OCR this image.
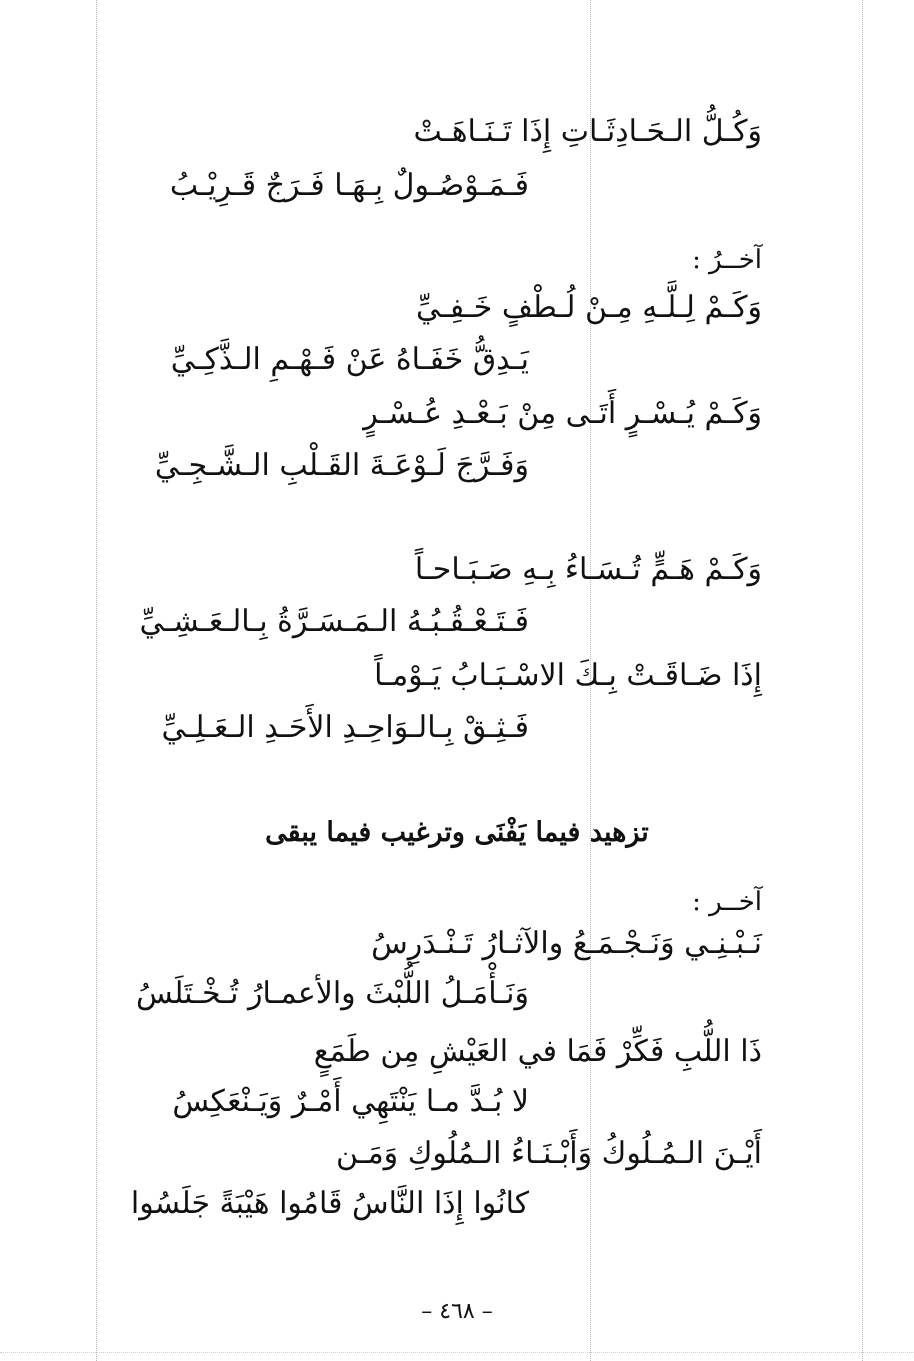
وَكُـلُّ الـحَـادِثَـاتِ إِذَا تَـنَـاهَـتْ
فَـمَـوْصُـولٌ بِـهَـا فَـرَجٌ قَـرِيْـبُ
آخــرُ :
وَكَـمْ لِـلَّـهِ مِـنْ لُـطْفٍ خَـفِـيِّ
يَـدِقُّ خَفَـاهُ عَنْ فَـهْـمِ الـذَّكِـيِّ
وَكَـمْ يُـسْـرٍ أَتَـى مِنْ بَـعْـدِ عُـسْـرٍ
وَفَـرَّجَ لَـوْعَـةَ القَـلْبِ الـشَّـجِـيِّ
وَكَـمْ هَـمٍّ تُـسَـاءُ بِـهِ صَـبَـاحـاً
فَـتَـعْـقُـبُـهُ الـمَـسَـرَّةُ بِـالـعَـشِـيِّ
إِذَا ضَـاقَـتْ بِـكَ الاسْـبَـابُ يَـوْمـاً
فَـثِـقْ بِـالـوَاحِـدِ الأَحَـدِ الـعَـلِـيِّ
تزهيد فيما يَفْنَى وترغيب فيما يبقى
آخــر :
نَـبْـنِـي وَنَـجْـمَـعُ والآثـارُ تَـنْـدَرِسُ
وَنَـأْمَـلُ اللُّبْثَ والأعمـارُ تُـخْـتَلَسُ
ذَا اللُّبِ فَكِّرْ فَمَا في العَيْشِ مِن طَمَعٍ
لا بُـدَّ مـا يَنْتَهِي أَمْـرٌ وَيَـنْعَكِسُ
أَيْـنَ الـمُـلُوكُ وَأَبْـنَـاءُ الـمُلُوكِ وَمَـن
كانُوا إِذَا النَّاسُ قَامُوا هَيْبَةً جَلَسُوا
– ٤٦٨ –
